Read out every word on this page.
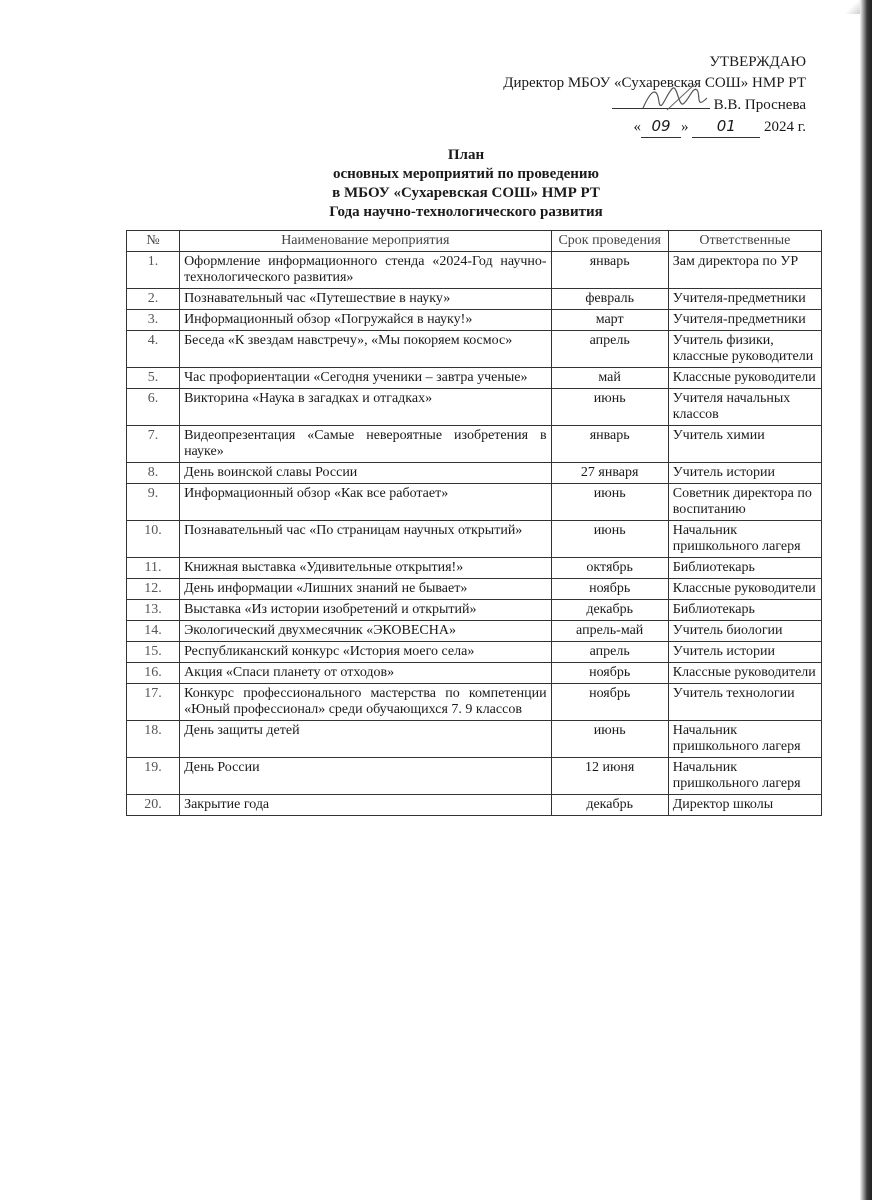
УТВЕРЖДАЮ
Директор МБОУ «Сухаревская СОШ» НМР РТ

В.В. Проснева
« 09 » 01 2024 г.
План
основных мероприятий по проведению
в МБОУ «Сухаревская СОШ» НМР РТ
Года научно-технологического развития
№	Наименование мероприятия	Срок проведения	Ответственные
1.	Оформление информационного стенда «2024-Год научно-технологического развития»	январь	Зам директора по УР
2.	Познавательный час «Путешествие в науку»	февраль	Учителя-предметники
3.	Информационный обзор «Погружайся в науку!»	март	Учителя-предметники
4.	Беседа «К звездам навстречу», «Мы покоряем космос»	апрель	Учитель физики, классные руководители
5.	Час профориентации «Сегодня ученики – завтра ученые»	май	Классные руководители
6.	Викторина «Наука в загадках и отгадках»	июнь	Учителя начальных классов
7.	Видеопрезентация «Самые невероятные изобретения в науке»	январь	Учитель химии
8.	День воинской славы России	27 января	Учитель истории
9.	Информационный обзор «Как все работает»	июнь	Советник директора по воспитанию
10.	Познавательный час «По страницам научных открытий»	июнь	Начальник пришкольного лагеря
11.	Книжная выставка «Удивительные открытия!»	октябрь	Библиотекарь
12.	День информации «Лишних знаний не бывает»	ноябрь	Классные руководители
13.	Выставка «Из истории изобретений и открытий»	декабрь	Библиотекарь
14.	Экологический двухмесячник «ЭКОВЕСНА»	апрель-май	Учитель биологии
15.	Республиканский конкурс «История моего села»	апрель	Учитель истории
16.	Акция «Спаси планету от отходов»	ноябрь	Классные руководители
17.	Конкурс профессионального мастерства по компетенции «Юный профессионал» среди обучающихся 7. 9 классов	ноябрь	Учитель технологии
18.	День защиты детей	июнь	Начальник пришкольного лагеря
19.	День России	12 июня	Начальник пришкольного лагеря
20.	Закрытие года	декабрь	Директор школы
